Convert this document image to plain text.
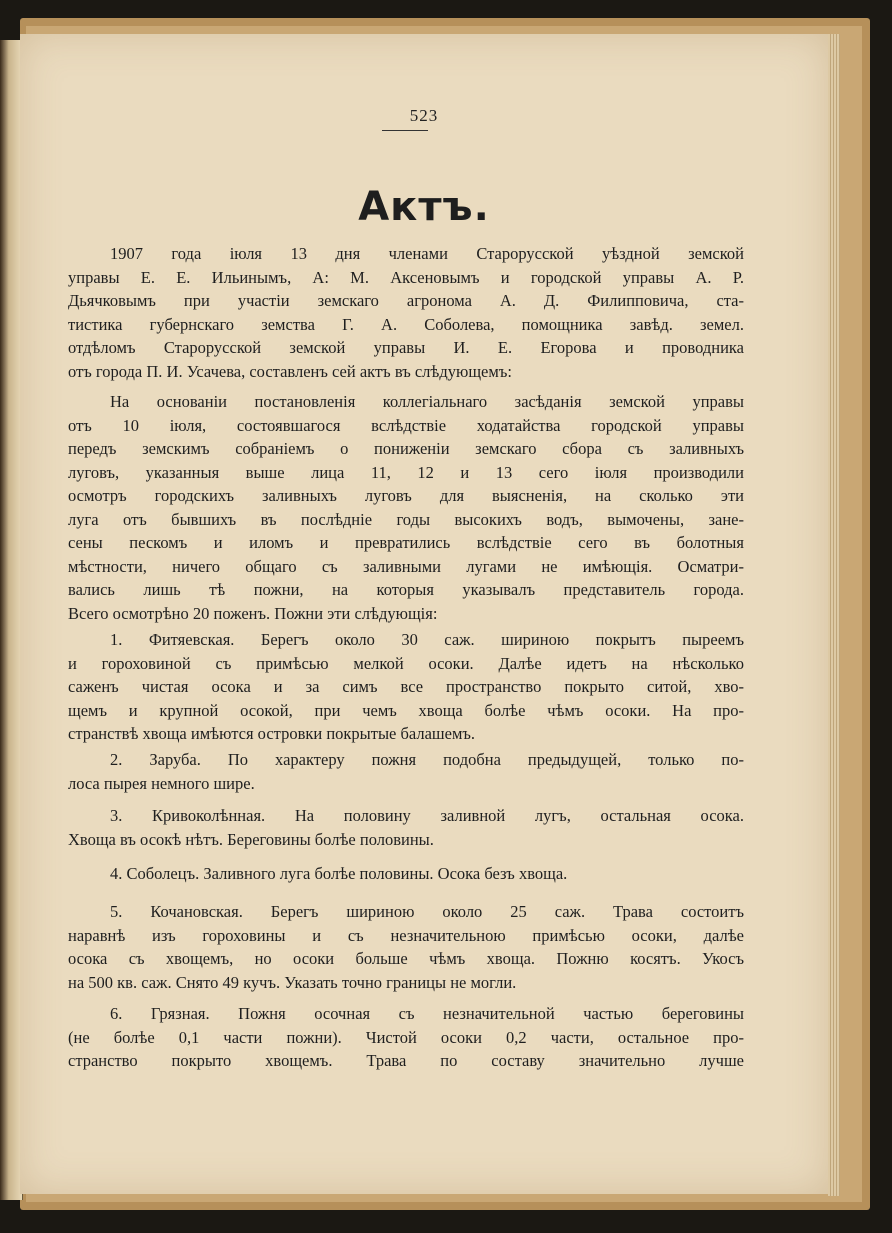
523
Актъ.
1907 года іюля 13 дня членами Старорусской уѣздной земской
управы Е. Е. Ильинымъ, А: М. Аксеновымъ и городской управы А. Р.
Дьячковымъ при участіи земскаго агронома А. Д. Филипповича, ста-
тистика губернскаго земства Г. А. Соболева, помощника завѣд. земел.
отдѣломъ Старорусской земской управы И. Е. Егорова и проводника
отъ города П. И. Усачева, составленъ сей актъ въ слѣдующемъ:
На основаніи постановленія коллегіальнаго засѣданія земской управы
отъ 10 іюля, состоявшагося вслѣдствіе ходатайства городской управы
передъ земскимъ собраніемъ о пониженіи земскаго сбора съ заливныхъ
луговъ, указанныя выше лица 11, 12 и 13 сего іюля производили
осмотръ городскихъ заливныхъ луговъ для выясненія, на сколько эти
луга отъ бывшихъ въ послѣдніе годы высокихъ водъ, вымочены, зане-
сены пескомъ и иломъ и превратились вслѣдствіе сего въ болотныя
мѣстности, ничего общаго съ заливными лугами не имѣющія. Осматри-
вались лишь тѣ пожни, на которыя указывалъ представитель города.
Всего осмотрѣно 20 поженъ. Пожни эти слѣдующія:
1. Фитяевская. Берегъ около 30 саж. шириною покрытъ пыреемъ
и гороховиной съ примѣсью мелкой осоки. Далѣе идетъ на нѣсколько
саженъ чистая осока и за симъ все пространство покрыто ситой, хво-
щемъ и крупной осокой, при чемъ хвоща болѣе чѣмъ осоки. На про-
странствѣ хвоща имѣются островки покрытые балашемъ.
2. Заруба. По характеру пожня подобна предыдущей, только по-
лоса пырея немного шире.
3. Кривоколѣнная. На половину заливной лугъ, остальная осока.
Хвоща въ осокѣ нѣтъ. Береговины болѣе половины.
4. Соболецъ. Заливного луга болѣе половины. Осока безъ хвоща.
5. Кочановская. Берегъ шириною около 25 саж. Трава состоитъ
наравнѣ изъ гороховины и съ незначительною примѣсью осоки, далѣе
осока съ хвощемъ, но осоки больше чѣмъ хвоща. Пожню косятъ. Укосъ
на 500 кв. саж. Снято 49 кучъ. Указать точно границы не могли.
6. Грязная. Пожня осочная съ незначительной частью береговины
(не болѣе 0,1 части пожни). Чистой осоки 0,2 части, остальное про-
странство покрыто хвощемъ. Трава по составу значительно лучше
